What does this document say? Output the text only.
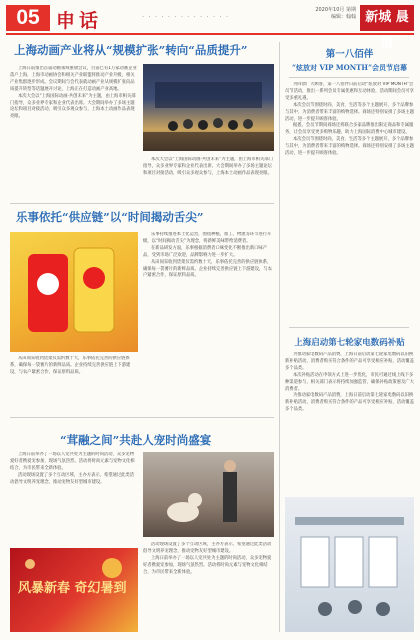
05 申话	· · · · · · · · · · · · · ·
2020年10月 第期
编辑：翰翰 新城 晨报
上海动画产业将从“规模扩张”转向“品质提升”
上海日前推出首届动画领域重磅会议，目前已有1万家动画企业落户上海，上海市动画协会和相关产业联盟将推动产业升级，相关产业集群逐步形成。会议期间与会代表就动画产业从规模扩张向品质提升转型等话题展开讨论，上海正在打造动画产业高地。
本次大会以“上海国际动画·共创未来”为主题，由上海市相关部门指导，众多业界专家和企业代表出席。大会期间举办了多场主题论坛和项目对接活动，吸引众多观众参与，上海本土动画作品表现亮眼。
本次大会以“上海国际动画·共创未来”为主题，由上海市相关部门指导，众多业界专家和企业代表出席。大会期间举办了多场主题论坛和项目对接活动，吸引众多观众参与，上海本土动画作品表现亮眼。
乐事依托“供应链”以“时间揭动舌尖”
从田间采收到货架仅需约数十天，乐事依托完善的供应链体系，确保每一袋薯片的新鲜品质。企业持续完善供应链上下游建设，与农户紧密合作，保证原料品质。
乐事持续推进本土化运营，围绕种植、加工、物流等环节进行升级，以“时间揭动舌尖”为理念，将新鲜美味带给消费者。
在新品研发方面，乐事根据消费者口味变化不断推出新口味产品，受到市场广泛欢迎，品牌影响力进一步扩大。
从田间采收到货架仅需约数十天，乐事依托完善的供应链体系，确保每一袋薯片的新鲜品质。企业持续完善供应链上下游建设，与农户紧密合作，保证原料品质。
“茸融之间”共赴人宠时尚盛宴
上海日前举办了一场以人宠共处为主题的时尚活动，众多宠物爱好者携爱宠参加，现场气氛热烈。活动将时尚元素与宠物文化相结合，为市民带来全新体验。
活动现场设置了多个互动区域，主办方表示，希望通过此类活动倡导文明养宠理念，推动宠物友好型城市建设。
活动现场设置了多个互动区域，主办方表示，希望通过此类活动倡导文明养宠理念，推动宠物友好型城市建设。
上海日前举办了一场以人宠共处为主题的时尚活动，众多宠物爱好者携爱宠参加，现场气氛热烈。活动将时尚元素与宠物文化相结合，为市民带来全新体验。
风暴新春 奇幻暑到
第一八佰伴
“炫放对 VIP MONTH”会员节启幕
为回馈广大顾客，第一八佰伴日前启动“炫放对 VIP MONTH”会员节活动，推出一系列会员专属优惠和互动体验，活动期间会员可享受多重礼遇。
本次会员节围绕时尚、美食、生活等多个主题展开，多个品牌参与其中，为消费者带来丰富的购物选择。商场还特别安排了多场主题活动，进一步提升顾客体验。
据悉，会员节期间商场还将联合多家品牌推出限定商品和专属服务，让会员享受更多购物乐趣，助力上海国际消费中心城市建设。
本次会员节围绕时尚、美食、生活等多个主题展开，多个品牌参与其中，为消费者带来丰富的购物选择。商场还特别安排了多场主题活动，进一步提升顾客体验。
上海启动第七轮家电数码补贴
为推动家电数码产品消费，上海日前启动第七轮家电数码以旧换新补贴活动，消费者购买符合条件的产品可享受相应补贴，活动覆盖多个品类。
本次补贴活动在申领方式上进一步优化，市民可通过线上线下多种渠道参与，相关部门表示将持续加强监管，确保补贴政策惠及广大消费者。
为推动家电数码产品消费，上海日前启动第七轮家电数码以旧换新补贴活动，消费者购买符合条件的产品可享受相应补贴，活动覆盖多个品类。
